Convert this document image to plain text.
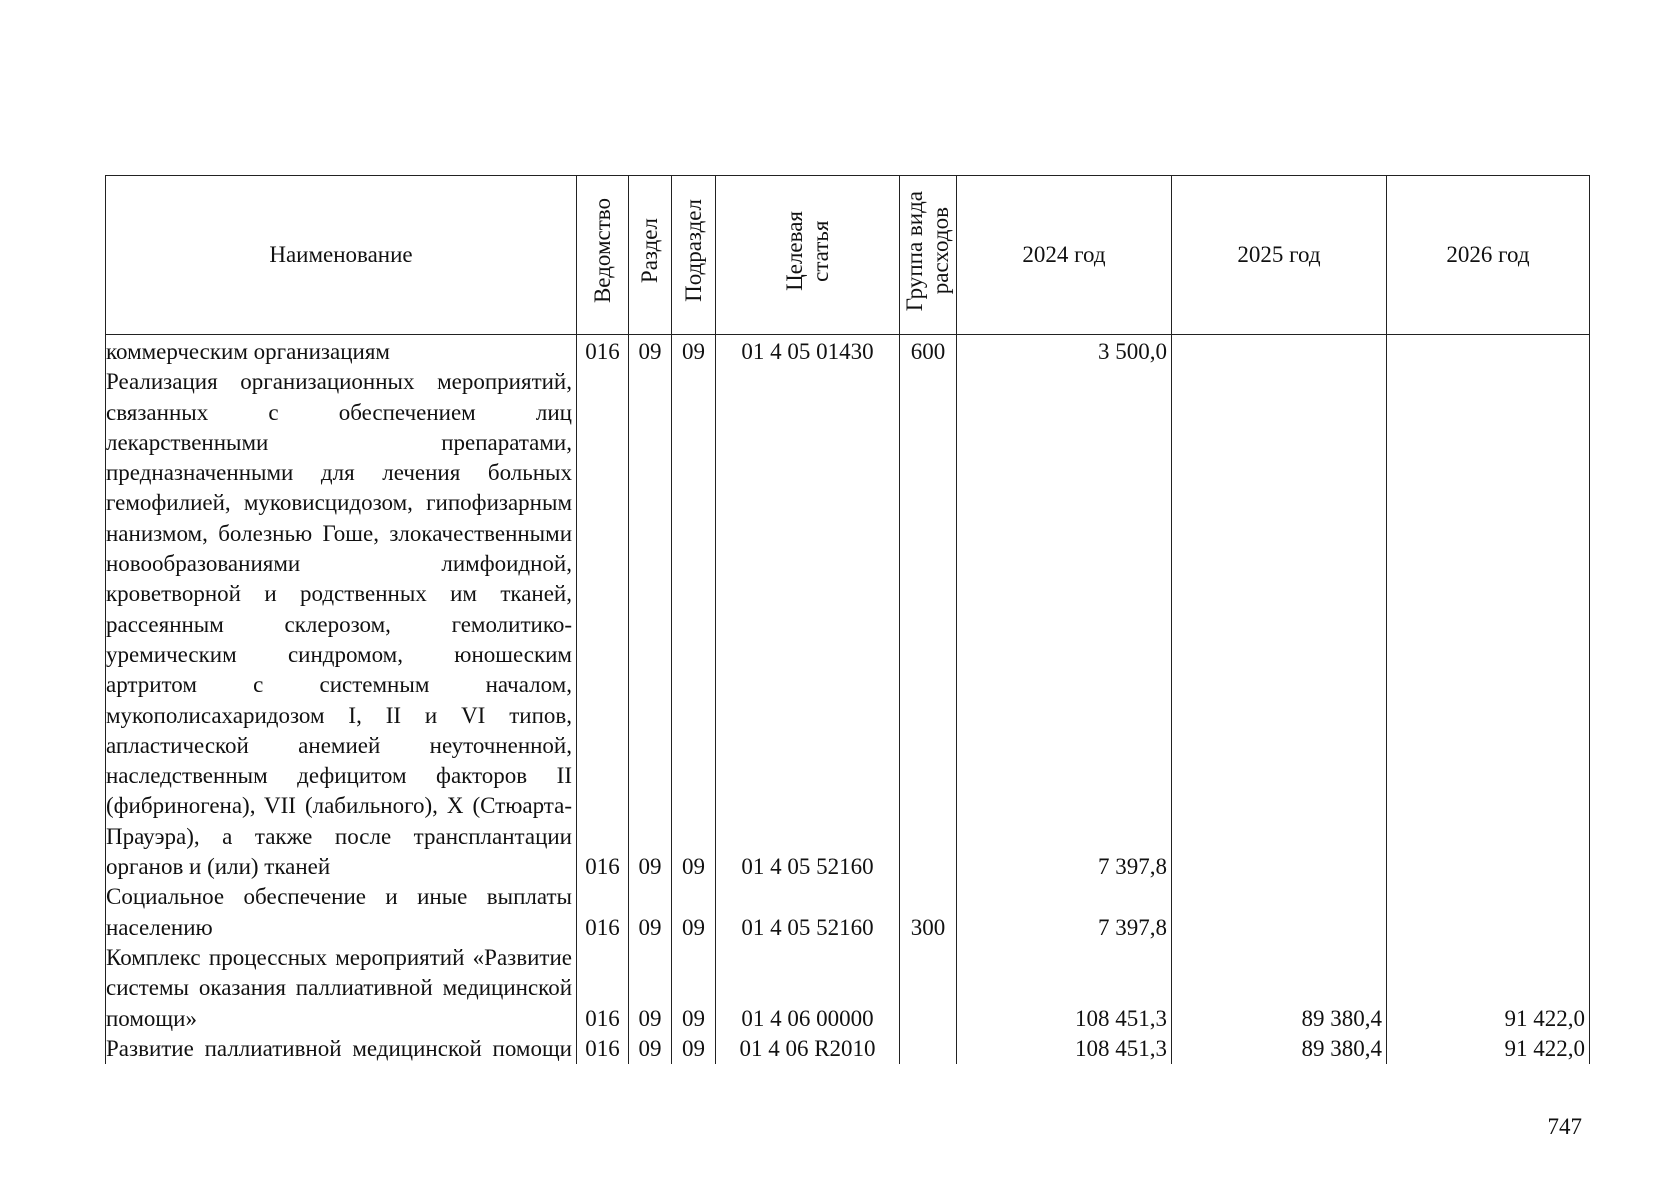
Наименование	Ведомство	Раздел	Подраздел	Целевая
статья	Группа вида
расходов	2024 год	2025 год	2026 год
коммерческим организациям	016	09	09	01 4 05 01430	600	3 500,0		
Реализация организационных мероприятий, связанных с обеспечением лиц лекарственными препаратами, предназначенными для лечения больных гемофилией, муковисцидозом, гипофизарным нанизмом, болезнью Гоше, злокачественными новообразованиями лимфоидной, кроветворной и родственных им тканей, рассеянным склерозом, гемолитико-уремическим синдромом, юношеским артритом с системным началом, мукополисахаридозом I, II и VI типов, апластической анемией неуточненной, наследственным дефицитом факторов II (фибриногена), VII (лабильного), X (Стюарта-Прауэра), а также после трансплантации органов и (или) тканей	016	09	09	01 4 05 52160		7 397,8		
Социальное обеспечение и иные выплаты населению	016	09	09	01 4 05 52160	300	7 397,8		
Комплекс процессных мероприятий «Развитие системы оказания паллиативной медицинской помощи»	016	09	09	01 4 06 00000		108 451,3	89 380,4	91 422,0
Развитие паллиативной медицинской помощи	016	09	09	01 4 06 R2010		108 451,3	89 380,4	91 422,0
747
